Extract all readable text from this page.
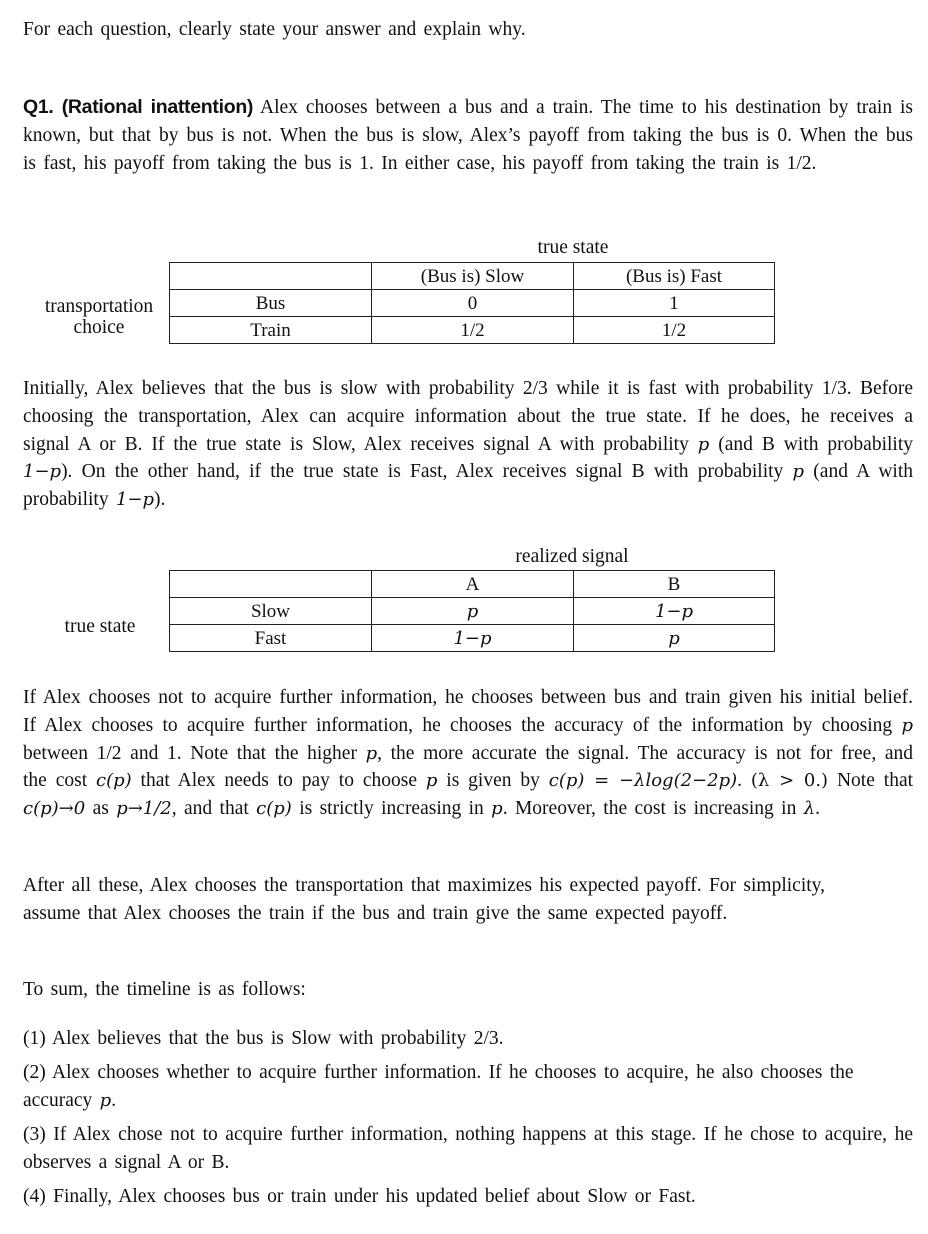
For each question, clearly state your answer and explain why.

Q1. (Rational inattention) Alex chooses between a bus and a train. The time to his destination by train is known, but that by bus is not. When the bus is slow, Alex’s payoff from taking the bus is 0. When the bus is fast, his payoff from taking the bus is 1. In either case, his payoff from taking the train is 1/2.

true state
transportation choice
	(Bus is) Slow	(Bus is) Fast
Bus	0	1
Train	1/2	1/2

Initially, Alex believes that the bus is slow with probability 2/3 while it is fast with probability 1/3. Before choosing the transportation, Alex can acquire information about the true state. If he does, he receives a signal A or B. If the true state is Slow, Alex receives signal A with probability p (and B with probability 1−p). On the other hand, if the true state is Fast, Alex receives signal B with probability p (and A with probability 1−p).

realized signal
true state
	A	B
Slow	p	1−p
Fast	1−p	p

If Alex chooses not to acquire further information, he chooses between bus and train given his initial belief. If Alex chooses to acquire further information, he chooses the accuracy of the information by choosing p between 1/2 and 1. Note that the higher p, the more accurate the signal. The accuracy is not for free, and the cost c(p) that Alex needs to pay to choose p is given by c(p) = −λlog(2−2p). (λ > 0.) Note that c(p)→0 as p→1/2, and that c(p) is strictly increasing in p. Moreover, the cost is increasing in λ.

After all these, Alex chooses the transportation that maximizes his expected payoff. For simplicity, assume that Alex chooses the train if the bus and train give the same expected payoff.

To sum, the timeline is as follows:

(1) Alex believes that the bus is Slow with probability 2/3.

(2) Alex chooses whether to acquire further information. If he chooses to acquire, he also chooses the accuracy p.

(3) If Alex chose not to acquire further information, nothing happens at this stage. If he chose to acquire, he observes a signal A or B.

(4) Finally, Alex chooses bus or train under his updated belief about Slow or Fast.
